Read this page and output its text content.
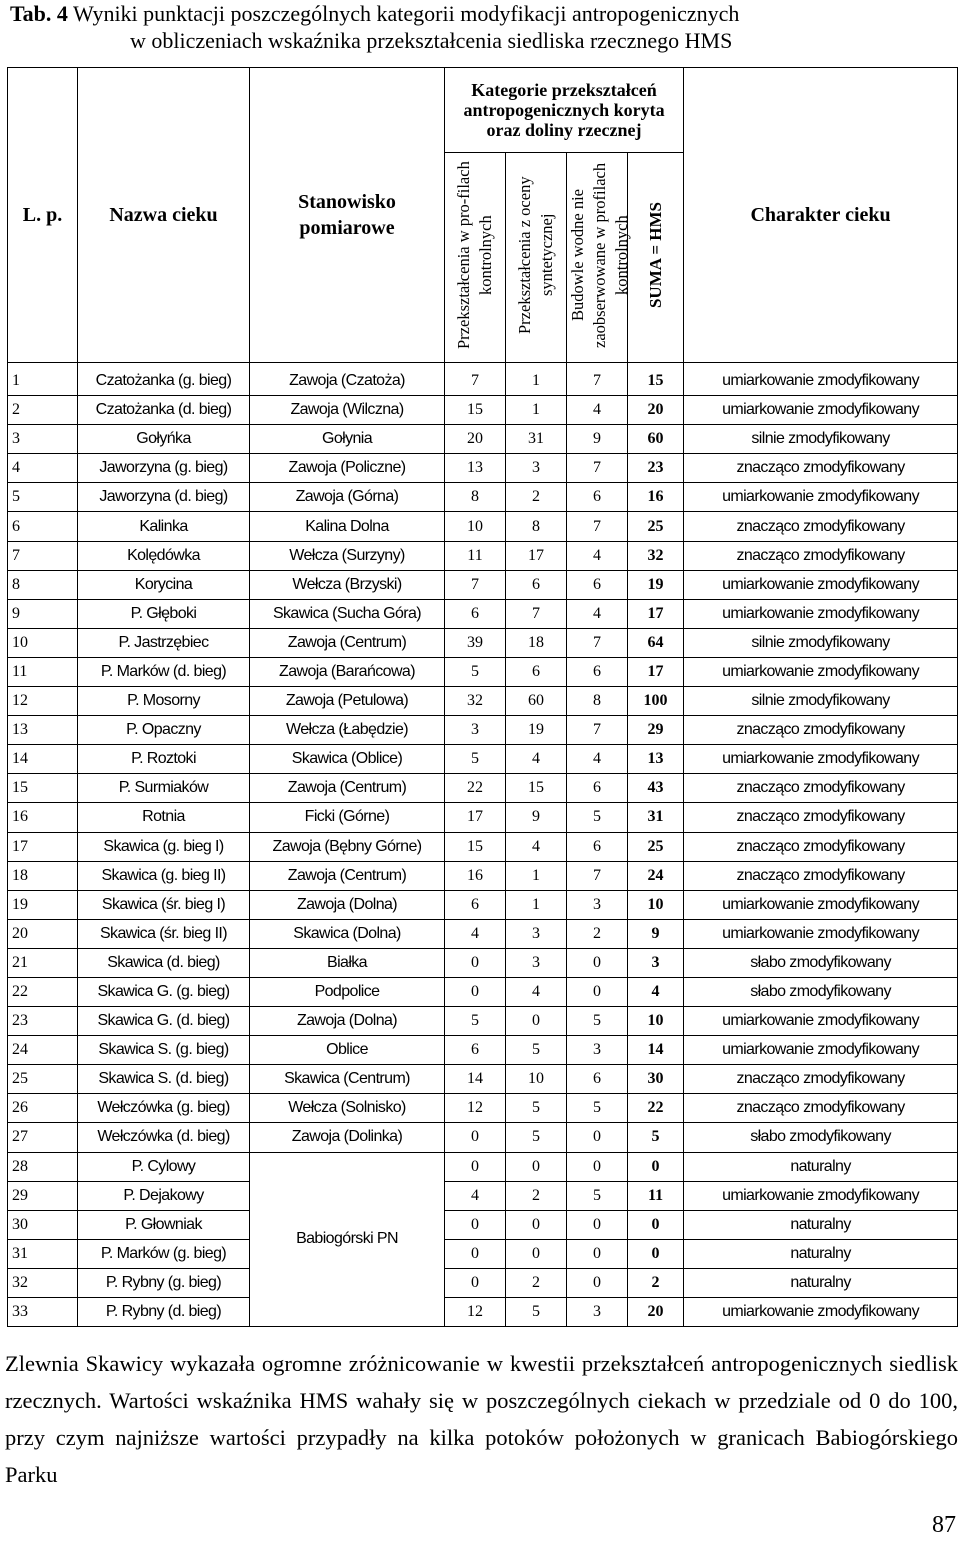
Tab. 4 Wyniki punktacji poszczególnych kategorii modyfikacji antropogenicznych
w obliczeniach wskaźnika przekształcenia siedliska rzecznego HMS
L. p.	Nazwa cieku	Stanowisko pomiarowe	Kategorie przekształceń antropogenicznych koryta oraz doliny rzecznej				Charakter cieku
			Przekształcenia w pro-filach kontrolnych	Przekształcenia z oceny syntetycznej	Budowle wodne nie zaobserwowane w profilach kontrolnych	SUMA = HMS	
1	Czatożanka (g. bieg)	Zawoja (Czatoża)	7	1	7	15	umiarkowanie zmodyfikowany
2	Czatożanka (d. bieg)	Zawoja (Wilczna)	15	1	4	20	umiarkowanie zmodyfikowany
3	Gołyńka	Gołynia	20	31	9	60	silnie zmodyfikowany
4	Jaworzyna (g. bieg)	Zawoja (Policzne)	13	3	7	23	znacząco zmodyfikowany
5	Jaworzyna (d. bieg)	Zawoja (Górna)	8	2	6	16	umiarkowanie zmodyfikowany
6	Kalinka	Kalina Dolna	10	8	7	25	znacząco zmodyfikowany
7	Kolędówka	Wełcza (Surzyny)	11	17	4	32	znacząco zmodyfikowany
8	Korycina	Wełcza (Brzyski)	7	6	6	19	umiarkowanie zmodyfikowany
9	P. Głęboki	Skawica (Sucha Góra)	6	7	4	17	umiarkowanie zmodyfikowany
10	P. Jastrzębiec	Zawoja (Centrum)	39	18	7	64	silnie zmodyfikowany
11	P. Marków (d. bieg)	Zawoja (Barańcowa)	5	6	6	17	umiarkowanie zmodyfikowany
12	P. Mosorny	Zawoja (Petulowa)	32	60	8	100	silnie zmodyfikowany
13	P. Opaczny	Wełcza (Łabędzie)	3	19	7	29	znacząco zmodyfikowany
14	P. Roztoki	Skawica (Oblice)	5	4	4	13	umiarkowanie zmodyfikowany
15	P. Surmiaków	Zawoja (Centrum)	22	15	6	43	znacząco zmodyfikowany
16	Rotnia	Ficki (Górne)	17	9	5	31	znacząco zmodyfikowany
17	Skawica (g. bieg I)	Zawoja (Bębny Górne)	15	4	6	25	znacząco zmodyfikowany
18	Skawica (g. bieg II)	Zawoja (Centrum)	16	1	7	24	znacząco zmodyfikowany
19	Skawica (śr. bieg I)	Zawoja (Dolna)	6	1	3	10	umiarkowanie zmodyfikowany
20	Skawica (śr. bieg II)	Skawica (Dolna)	4	3	2	9	umiarkowanie zmodyfikowany
21	Skawica (d. bieg)	Białka	0	3	0	3	słabo zmodyfikowany
22	Skawica G. (g. bieg)	Podpolice	0	4	0	4	słabo zmodyfikowany
23	Skawica G. (d. bieg)	Zawoja (Dolna)	5	0	5	10	umiarkowanie zmodyfikowany
24	Skawica S. (g. bieg)	Oblice	6	5	3	14	umiarkowanie zmodyfikowany
25	Skawica S. (d. bieg)	Skawica (Centrum)	14	10	6	30	znacząco zmodyfikowany
26	Wełczówka (g. bieg)	Wełcza (Solnisko)	12	5	5	22	znacząco zmodyfikowany
27	Wełczówka (d. bieg)	Zawoja (Dolinka)	0	5	0	5	słabo zmodyfikowany
28	P. Cylowy	Babiogórski PN	0	0	0	0	naturalny
29	P. Dejakowy		4	2	5	11	umiarkowanie zmodyfikowany
30	P. Głowniak		0	0	0	0	naturalny
31	P. Marków (g. bieg)		0	0	0	0	naturalny
32	P. Rybny (g. bieg)		0	2	0	2	naturalny
33	P. Rybny (d. bieg)		12	5	3	20	umiarkowanie zmodyfikowany
Zlewnia Skawicy wykazała ogromne zróżnicowanie w kwestii przekształceń antropogenicznych siedlisk rzecznych. Wartości wskaźnika HMS wahały się w poszczególnych ciekach w przedziale od 0 do 100, przy czym najniższe wartości przypadły na kilka potoków położonych w granicach Babiogórskiego Parku
87
